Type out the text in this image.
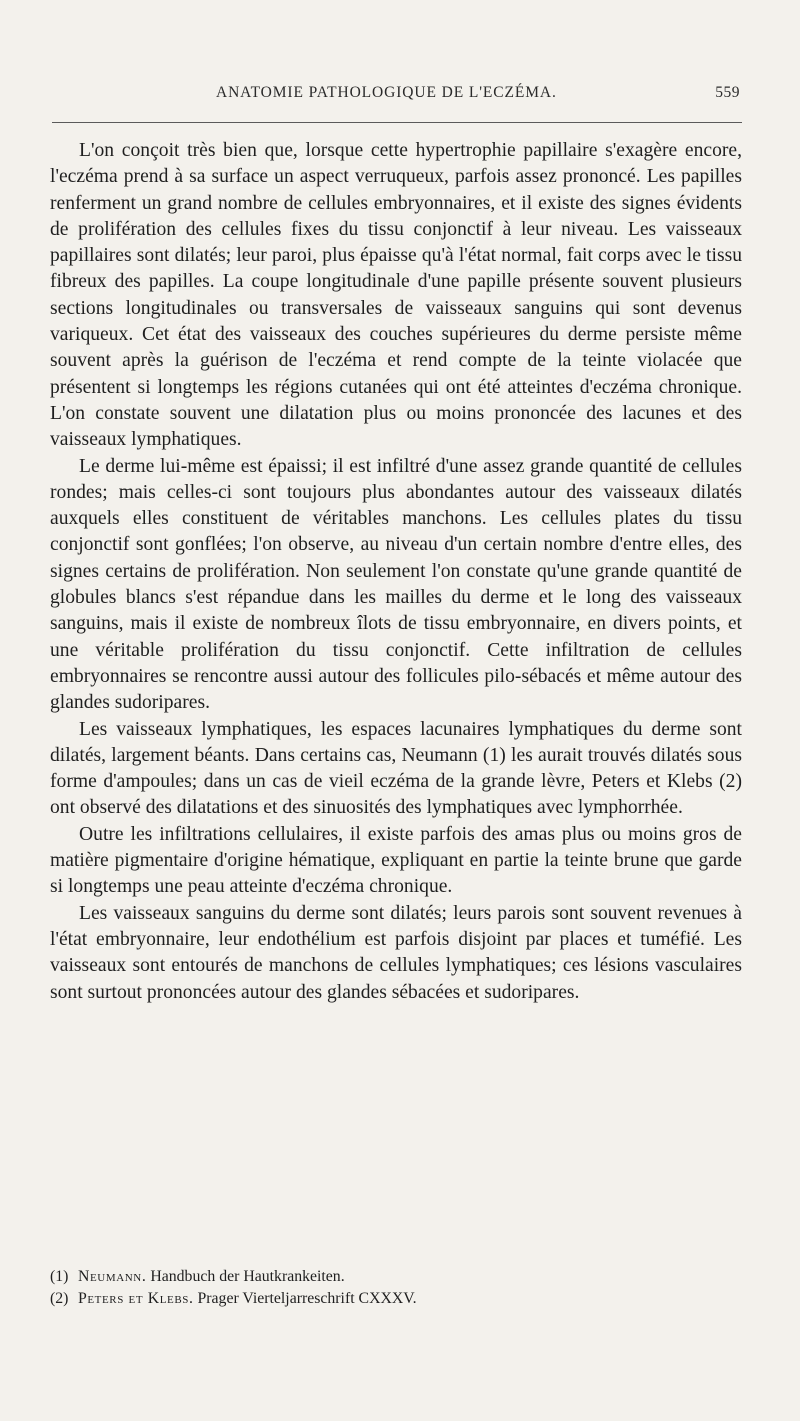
ANATOMIE PATHOLOGIQUE DE L'ECZÉMA.	559

L'on conçoit très bien que, lorsque cette hypertrophie papillaire s'exagère encore, l'eczéma prend à sa surface un aspect verruqueux, parfois assez prononcé. Les papilles renferment un grand nombre de cellules embryonnaires, et il existe des signes évidents de prolifération des cellules fixes du tissu conjonctif à leur niveau. Les vaisseaux papillaires sont dilatés; leur paroi, plus épaisse qu'à l'état normal, fait corps avec le tissu fibreux des papilles. La coupe longitudinale d'une papille présente souvent plusieurs sections longitudinales ou transversales de vaisseaux sanguins qui sont devenus variqueux. Cet état des vaisseaux des couches supérieures du derme persiste même souvent après la guérison de l'eczéma et rend compte de la teinte violacée que présentent si longtemps les régions cutanées qui ont été atteintes d'eczéma chronique. L'on constate souvent une dilatation plus ou moins prononcée des lacunes et des vaisseaux lymphatiques.

Le derme lui-même est épaissi; il est infiltré d'une assez grande quantité de cellules rondes; mais celles-ci sont toujours plus abondantes autour des vaisseaux dilatés auxquels elles constituent de véritables manchons. Les cellules plates du tissu conjonctif sont gonflées; l'on observe, au niveau d'un certain nombre d'entre elles, des signes certains de prolifération. Non seulement l'on constate qu'une grande quantité de globules blancs s'est répandue dans les mailles du derme et le long des vaisseaux sanguins, mais il existe de nombreux îlots de tissu embryonnaire, en divers points, et une véritable prolifération du tissu conjonctif. Cette infiltration de cellules embryonnaires se rencontre aussi autour des follicules pilo-sébacés et même autour des glandes sudoripares.

Les vaisseaux lymphatiques, les espaces lacunaires lymphatiques du derme sont dilatés, largement béants. Dans certains cas, Neumann (1) les aurait trouvés dilatés sous forme d'ampoules; dans un cas de vieil eczéma de la grande lèvre, Peters et Klebs (2) ont observé des dilatations et des sinuosités des lymphatiques avec lymphorrhée.

Outre les infiltrations cellulaires, il existe parfois des amas plus ou moins gros de matière pigmentaire d'origine hématique, expliquant en partie la teinte brune que garde si longtemps une peau atteinte d'eczéma chronique.

Les vaisseaux sanguins du derme sont dilatés; leurs parois sont souvent revenues à l'état embryonnaire, leur endothélium est parfois disjoint par places et tuméfié. Les vaisseaux sont entourés de manchons de cellules lymphatiques; ces lésions vasculaires sont surtout prononcées autour des glandes sébacées et sudoripares.

(1) Neumann. Handbuch der Hautkrankeiten.

(2) Peters et Klebs. Prager Vierteljarreschrift CXXXV.
